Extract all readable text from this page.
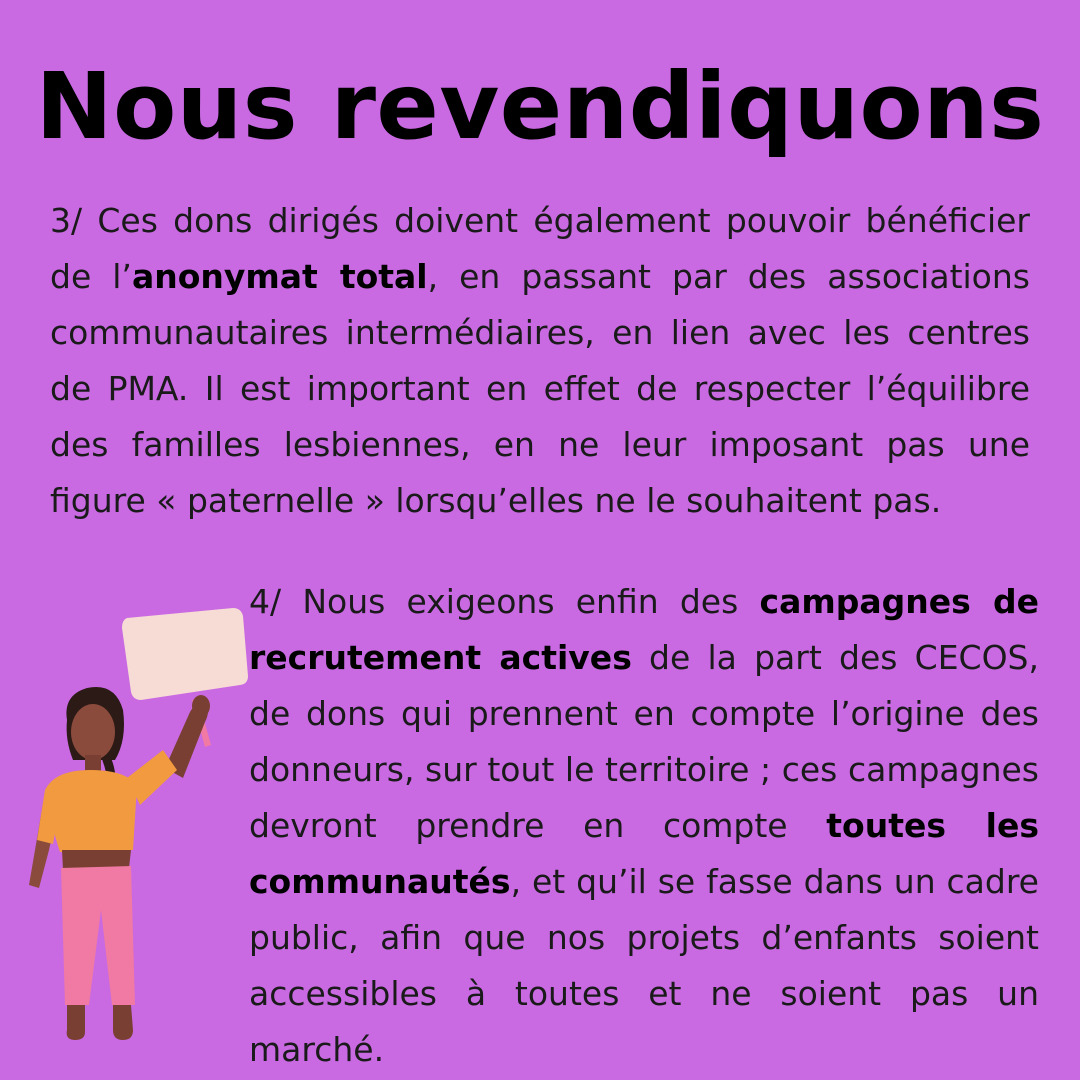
Nous revendiquons

3/ Ces dons dirigés doivent également pouvoir bénéficier de l’anonymat total, en passant par des associations communautaires intermédiaires, en lien avec les centres de PMA. Il est important en effet de respecter l’équilibre des familles lesbiennes, en ne leur imposant pas une figure « paternelle » lorsqu’elles ne le souhaitent pas.

4/ Nous exigeons enfin des campagnes de recrutement actives de la part des CECOS, de dons qui prennent en compte l’origine des donneurs, sur tout le territoire ; ces campagnes devront prendre en compte toutes les communautés, et qu’il se fasse dans un cadre public, afin que nos projets d’enfants soient accessibles à toutes et ne soient pas un marché.
